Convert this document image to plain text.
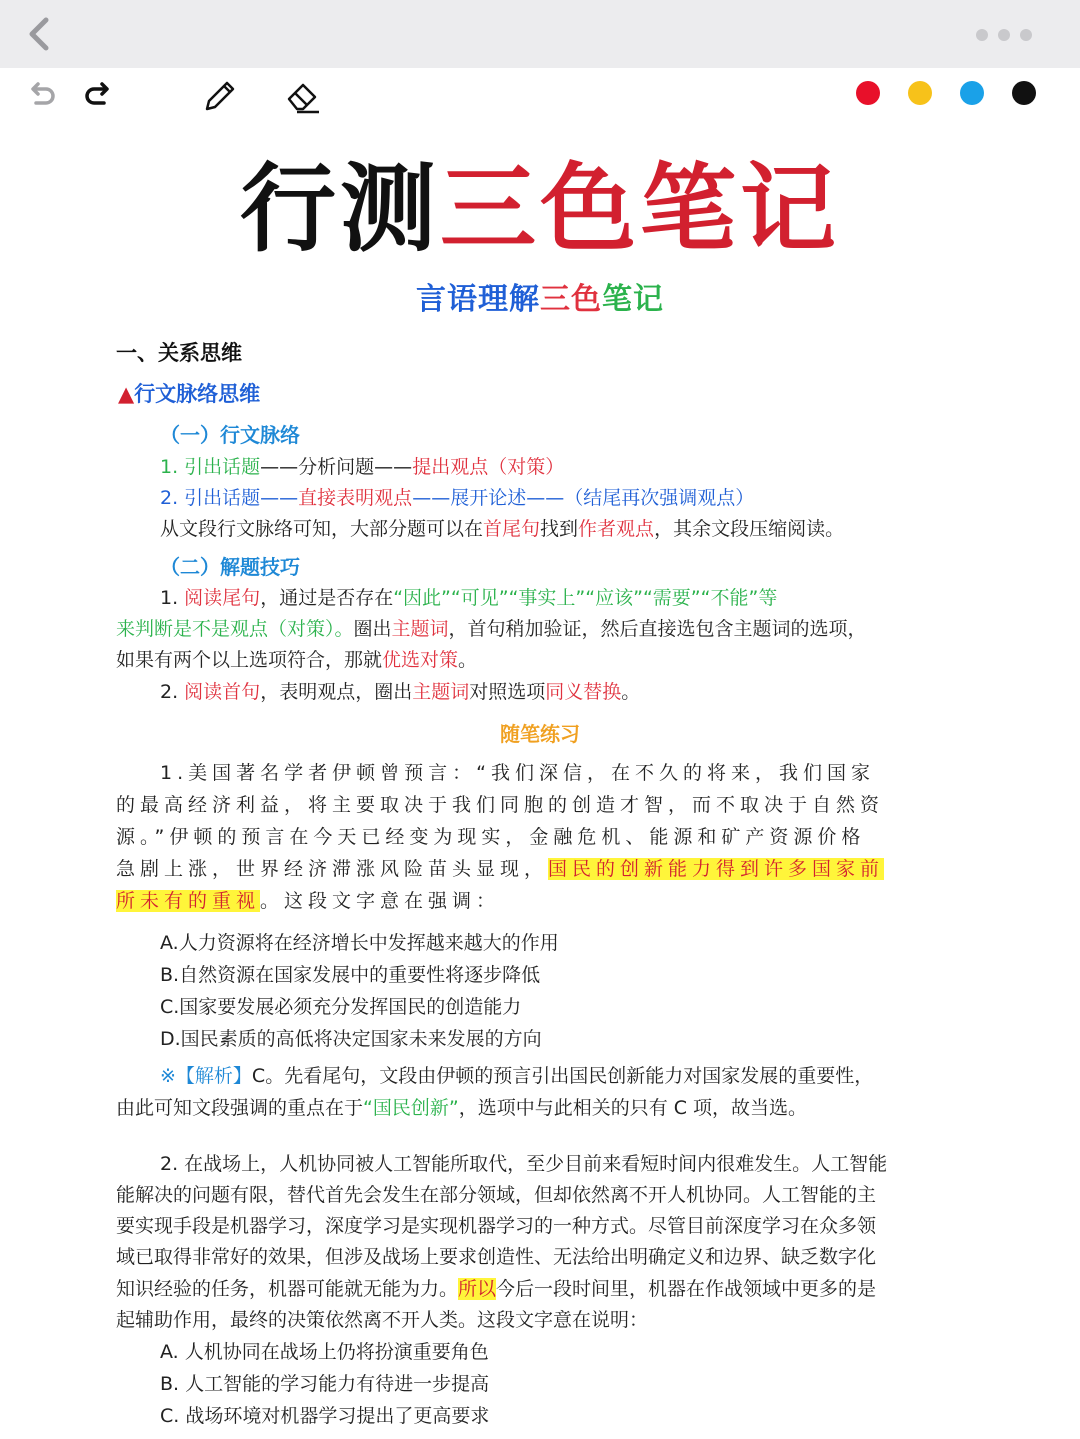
行测三色笔记
言语理解三色笔记
一、关系思维
▲行文脉络思维
（一）行文脉络
1. 引出话题——分析问题——提出观点（对策）
2. 引出话题——直接表明观点——展开论述——（结尾再次强调观点）
从文段行文脉络可知，大部分题可以在首尾句找到作者观点，其余文段压缩阅读。
（二）解题技巧
1. 阅读尾句，通过是否存在“因此”“可见”“事实上”“应该”“需要”“不能”等
来判断是不是观点（对策）。圈出主题词，首句稍加验证，然后直接选包含主题词的选项，
如果有两个以上选项符合，那就优选对策。
2. 阅读首句，表明观点，圈出主题词对照选项同义替换。
随笔练习
1.美国著名学者伊顿曾预言：“我们深信，在不久的将来，我们国家
的最高经济利益，将主要取决于我们同胞的创造才智，而不取决于自然资
源。”伊顿的预言在今天已经变为现实，金融危机、能源和矿产资源价格
急剧上涨，世界经济滞涨风险苗头显现，国民的创新能力得到许多国家前
所未有的重视。这段文字意在强调：
A.人力资源将在经济增长中发挥越来越大的作用
B.自然资源在国家发展中的重要性将逐步降低
C.国家要发展必须充分发挥国民的创造能力
D.国民素质的高低将决定国家未来发展的方向
※【解析】C。先看尾句，文段由伊顿的预言引出国民创新能力对国家发展的重要性，
由此可知文段强调的重点在于“国民创新”，选项中与此相关的只有 C 项，故当选。
2. 在战场上，人机协同被人工智能所取代，至少目前来看短时间内很难发生。人工智能
能解决的问题有限，替代首先会发生在部分领域，但却依然离不开人机协同。人工智能的主
要实现手段是机器学习，深度学习是实现机器学习的一种方式。尽管目前深度学习在众多领
域已取得非常好的效果，但涉及战场上要求创造性、无法给出明确定义和边界、缺乏数字化
知识经验的任务，机器可能就无能为力。所以今后一段时间里，机器在作战领域中更多的是
起辅助作用，最终的决策依然离不开人类。这段文字意在说明：
A. 人机协同在战场上仍将扮演重要角色
B. 人工智能的学习能力有待进一步提高
C. 战场环境对机器学习提出了更高要求
